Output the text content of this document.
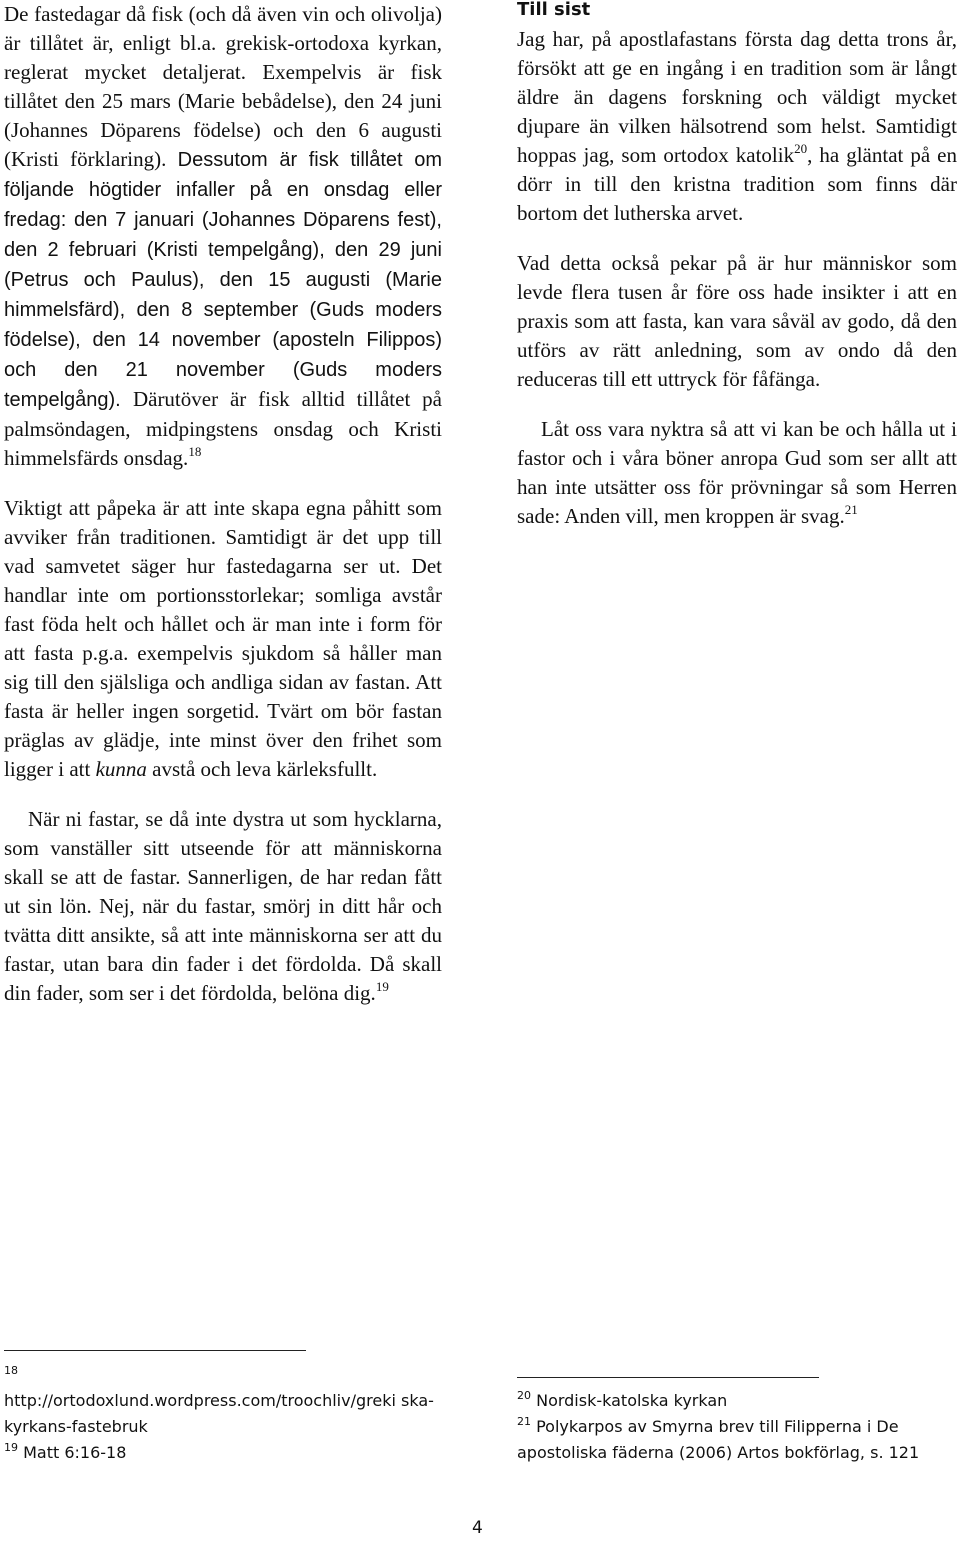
De fastedagar då fisk (och då även vin och olivolja) är tillåtet är, enligt bl.a. grekisk-ortodoxa kyrkan, reglerat mycket detaljerat. Exempelvis är fisk tillåtet den 25 mars (Marie bebådelse), den 24 juni (Johannes Döparens födelse) och den 6 augusti (Kristi förklaring). Dessutom är fisk tillåtet om följande högtider infaller på en onsdag eller fredag: den 7 januari (Johannes Döparens fest), den 2 februari (Kristi tempelgång), den 29 juni (Petrus och Paulus), den 15 augusti (Marie himmelsfärd), den 8 september (Guds moders födelse), den 14 november (aposteln Filippos) och den 21 november (Guds moders tempelgång). Därutöver är fisk alltid tillåtet på palmsöndagen, midpingstens onsdag och Kristi himmelsfärds onsdag.$^{18}$

Viktigt att påpeka är att inte skapa egna påhitt som avviker från traditionen. Samtidigt är det upp till vad samvetet säger hur fastedagarna ser ut. Det handlar inte om portionsstorlekar; somliga avstår fast föda helt och hållet och är man inte i form för att fasta p.g.a. exempelvis sjukdom så håller man sig till den själsliga och andliga sidan av fastan. Att fasta är heller ingen sorgetid. Tvärt om bör fastan präglas av glädje, inte minst över den frihet som ligger i att kunna avstå och leva kärleksfullt.

När ni fastar, se då inte dystra ut som hycklarna, som vanställer sitt utseende för att människorna skall se att de fastar. Sannerligen, de har redan fått ut sin lön. Nej, när du fastar, smörj in ditt hår och tvätta ditt ansikte, så att inte människorna ser att du fastar, utan bara din fader i det fördolda. Då skall din fader, som ser i det fördolda, belöna dig.$^{19}$

Till sist

Jag har, på apostlafastans första dag detta trons år, försökt att ge en ingång i en tradition som är långt äldre än dagens forskning och väldigt mycket djupare än vilken hälsotrend som helst. Samtidigt hoppas jag, som ortodox katolik$^{20}$, ha gläntat på en dörr in till den kristna tradition som finns där bortom det lutherska arvet.

Vad detta också pekar på är hur människor som levde flera tusen år före oss hade insikter i att en praxis som att fasta, kan vara såväl av godo, då den utförs av rätt anledning, som av ondo då den reduceras till ett uttryck för fåfänga.

Låt oss vara nyktra så att vi kan be och hålla ut i fastor och i våra böner anropa Gud som ser allt att han inte utsätter oss för prövningar så som Herren sade: Anden vill, men kroppen är svag.$^{21}$

18
http://ortodoxlund.wordpress.com/troochliv/greki ska-kyrkans-fastebruk
$^{19}$ Matt 6:16-18
$^{20}$ Nordisk-katolska kyrkan
$^{21}$ Polykarpos av Smyrna brev till Filipperna i De apostoliska fäderna (2006) Artos bokförlag, s. 121
4
